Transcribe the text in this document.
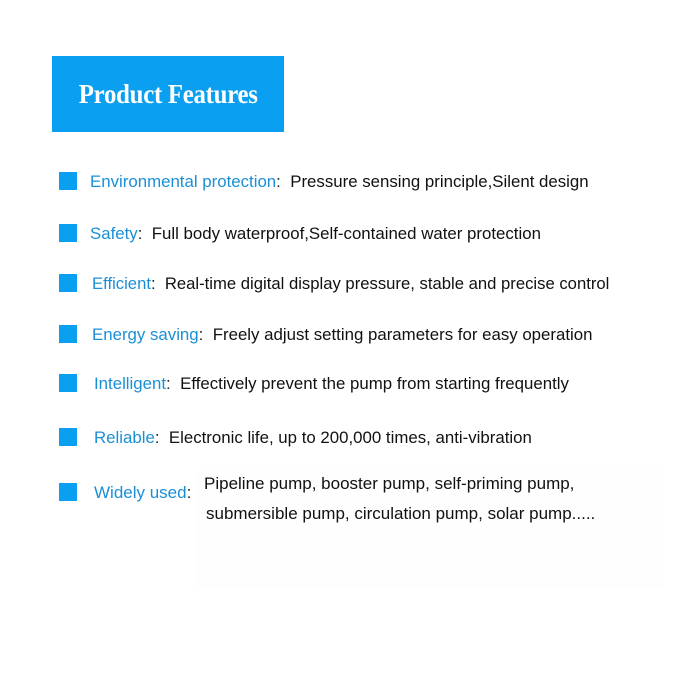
Product Features
Environmental protection: Pressure sensing principle,Silent design
Safety: Full body waterproof,Self-contained water protection
Efficient: Real-time digital display pressure, stable and precise control
Energy saving: Freely adjust setting parameters for easy operation
Intelligent: Effectively prevent the pump from starting frequently
Reliable: Electronic life, up to 200,000 times, anti-vibration
Widely used: Pipeline pump, booster pump, self-priming pump,
submersible pump, circulation pump, solar pump.....
